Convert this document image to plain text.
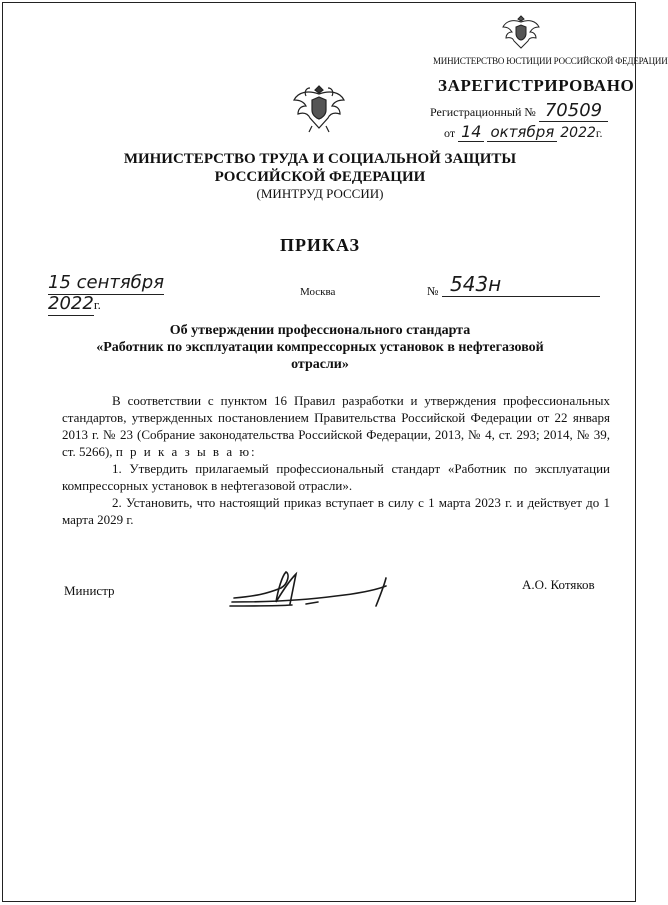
МИНИСТЕРСТВО ЮСТИЦИИ РОССИЙСКОЙ ФЕДЕРАЦИИ
ЗАРЕГИСТРИРОВАНО
Регистрационный № 70509
от 14 октября 2022г.
МИНИСТЕРСТВО ТРУДА И СОЦИАЛЬНОЙ ЗАЩИТЫ
РОССИЙСКОЙ ФЕДЕРАЦИИ
(МИНТРУД РОССИИ)
ПРИКАЗ
15 сентября 2022г.
Москва	№ 543н
Об утверждении профессионального стандарта
«Работник по эксплуатации компрессорных установок в нефтегазовой
отрасли»
В соответствии с пунктом 16 Правил разработки и утверждения профессиональных стандартов, утвержденных постановлением Правительства Российской Федерации от 22 января 2013 г. № 23 (Собрание законодательства Российской Федерации, 2013, № 4, ст. 293; 2014, № 39, ст. 5266), п р и к а з ы в а ю:
1. Утвердить прилагаемый профессиональный стандарт «Работник по эксплуатации компрессорных установок в нефтегазовой отрасли».
2. Установить, что настоящий приказ вступает в силу с 1 марта 2023 г. и действует до 1 марта 2029 г.
Министр	А.О. Котяков
